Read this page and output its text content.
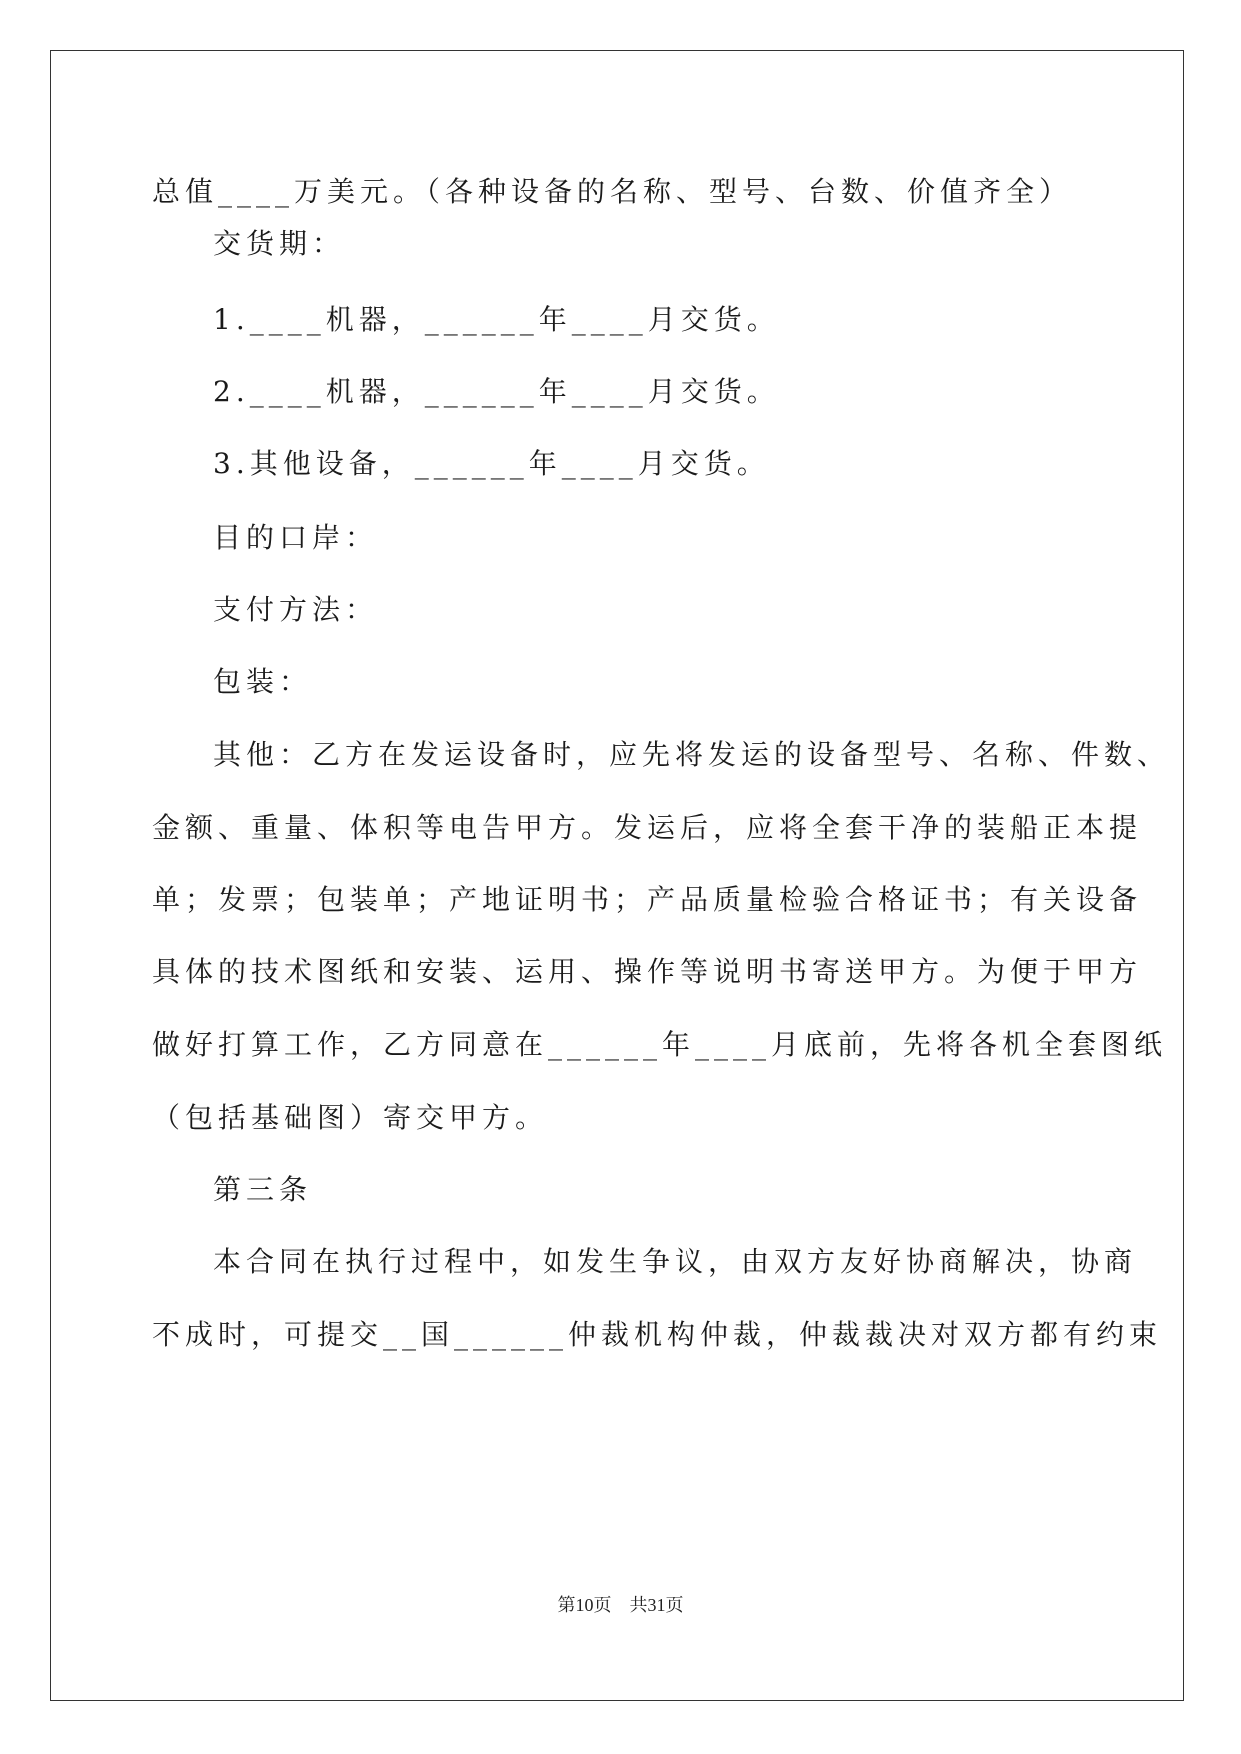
总值____万美元。（各种设备的名称、型号、台数、价值齐全）
交货期：
1.____机器，______年____月交货。
2.____机器，______年____月交货。
3.其他设备，______年____月交货。
目的口岸：
支付方法：
包装：
其他：乙方在发运设备时，应先将发运的设备型号、名称、件数、
金额、重量、体积等电告甲方。发运后，应将全套干净的装船正本提
单；发票；包装单；产地证明书；产品质量检验合格证书；有关设备
具体的技术图纸和安装、运用、操作等说明书寄送甲方。为便于甲方
做好打算工作，乙方同意在______年____月底前，先将各机全套图纸
（包括基础图）寄交甲方。
第三条
本合同在执行过程中，如发生争议，由双方友好协商解决，协商
不成时，可提交__国______仲裁机构仲裁，仲裁裁决对双方都有约束
第10页　共31页
